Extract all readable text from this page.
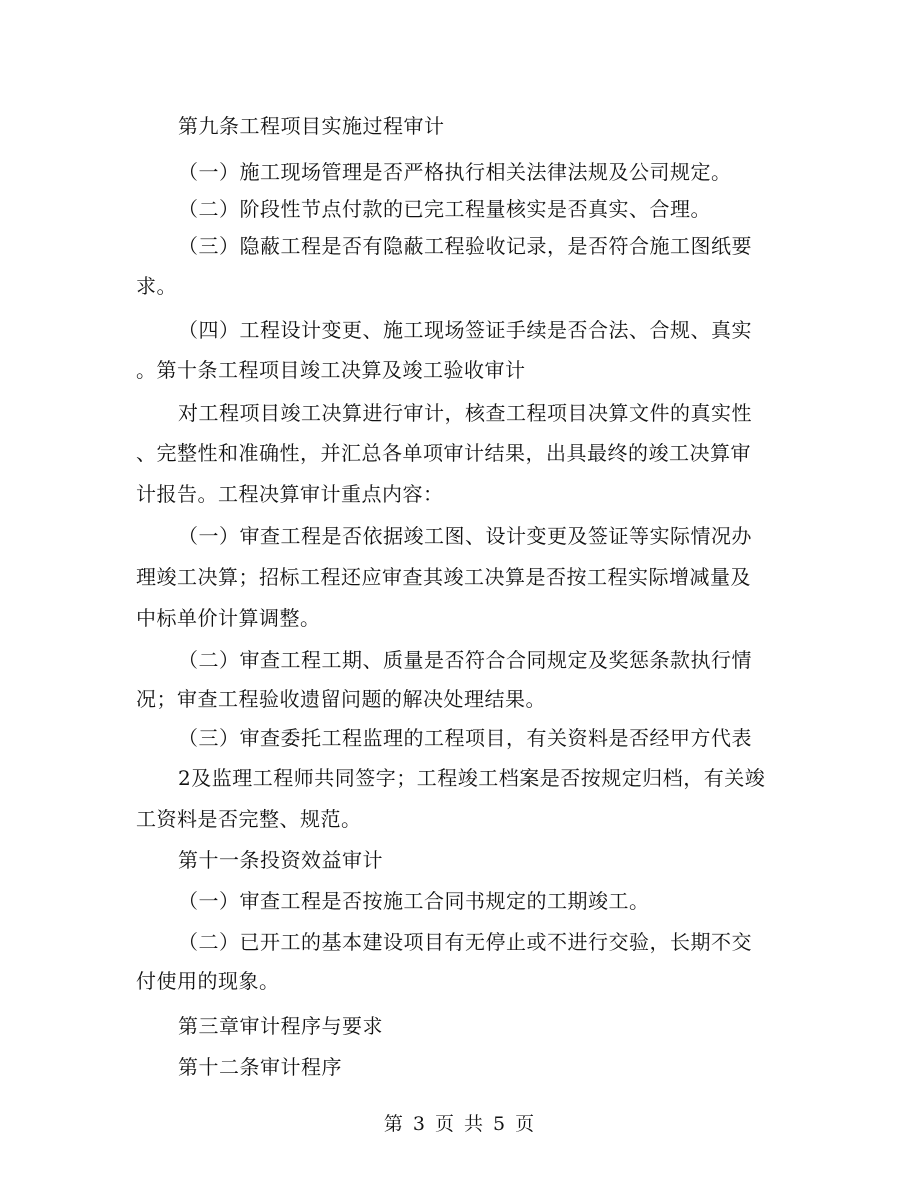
第九条工程项目实施过程审计
（一）施工现场管理是否严格执行相关法律法规及公司规定。
（二）阶段性节点付款的已完工程量核实是否真实、合理。
（三）隐蔽工程是否有隐蔽工程验收记录，是否符合施工图纸要
求。
（四）工程设计变更、施工现场签证手续是否合法、合规、真实
。第十条工程项目竣工决算及竣工验收审计
对工程项目竣工决算进行审计，核查工程项目决算文件的真实性
、完整性和准确性，并汇总各单项审计结果，出具最终的竣工决算审
计报告。工程决算审计重点内容：
（一）审查工程是否依据竣工图、设计变更及签证等实际情况办
理竣工决算；招标工程还应审查其竣工决算是否按工程实际增减量及
中标单价计算调整。
（二）审查工程工期、质量是否符合合同规定及奖惩条款执行情
况；审查工程验收遗留问题的解决处理结果。
（三）审查委托工程监理的工程项目，有关资料是否经甲方代表
2及监理工程师共同签字；工程竣工档案是否按规定归档，有关竣
工资料是否完整、规范。
第十一条投资效益审计
（一）审查工程是否按施工合同书规定的工期竣工。
（二）已开工的基本建设项目有无停止或不进行交验，长期不交
付使用的现象。
第三章审计程序与要求
第十二条审计程序
第 3 页 共 5 页
